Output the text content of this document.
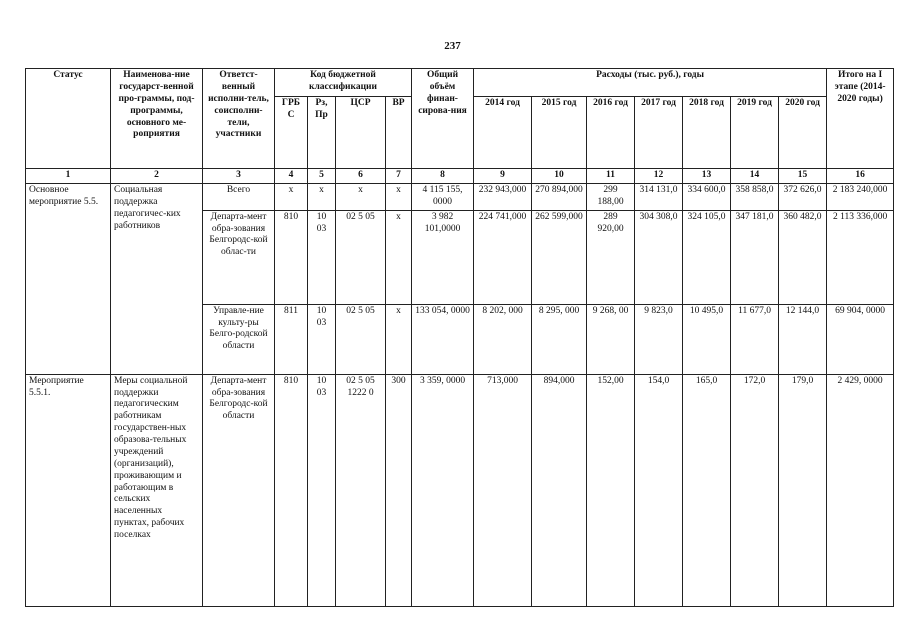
237
Статус	Наименова-ние государст-венной про-граммы, под-программы, основного ме-роприятия	Ответст-венный исполни-тель, соисполни-тели, участники	Код бюджетной классификации				Общий объём финан-сирова-ния	Расходы (тыс. руб.), годы							Итого на I этапе (2014-2020 годы)
			ГРБ С	Рз, Пр	ЦСР	ВР		2014 год	2015 год	2016 год	2017 год	2018 год	2019 год	2020 год	
1	2	3	4	5	6	7	8	9	10	11	12	13	14	15	16
Основное мероприятие 5.5.	Социальная поддержка педагогичес-ких работников	Всего	x	x	x	x	4 115 155, 0000	232 943,000	270 894,000	299 188,00	314 131,0	334 600,0	358 858,0	372 626,0	2 183 240,000
		Департа-мент обра-зования Белгородс-кой облас-ти	810	10 03	02 5 05	x	3 982 101,0000	224 741,000	262 599,000	289 920,00	304 308,0	324 105,0	347 181,0	360 482,0	2 113 336,000
		Управле-ние культу-ры Белго-родской области	811	10 03	02 5 05	x	133 054, 0000	8 202, 000	8 295, 000	9 268, 00	9 823,0	10 495,0	11 677,0	12 144,0	69 904, 0000
Мероприятие 5.5.1.	Меры социальной поддержки педагогическим работникам государствен-ных образова-тельных учреждений (организаций), проживающим и работающим в сельских населенных пунктах, рабочих поселках	Департа-мент обра-зования Белгородс-кой области	810	10 03	02 5 05 1222 0	300	3 359, 0000	713,000	894,000	152,00	154,0	165,0	172,0	179,0	2 429, 0000
